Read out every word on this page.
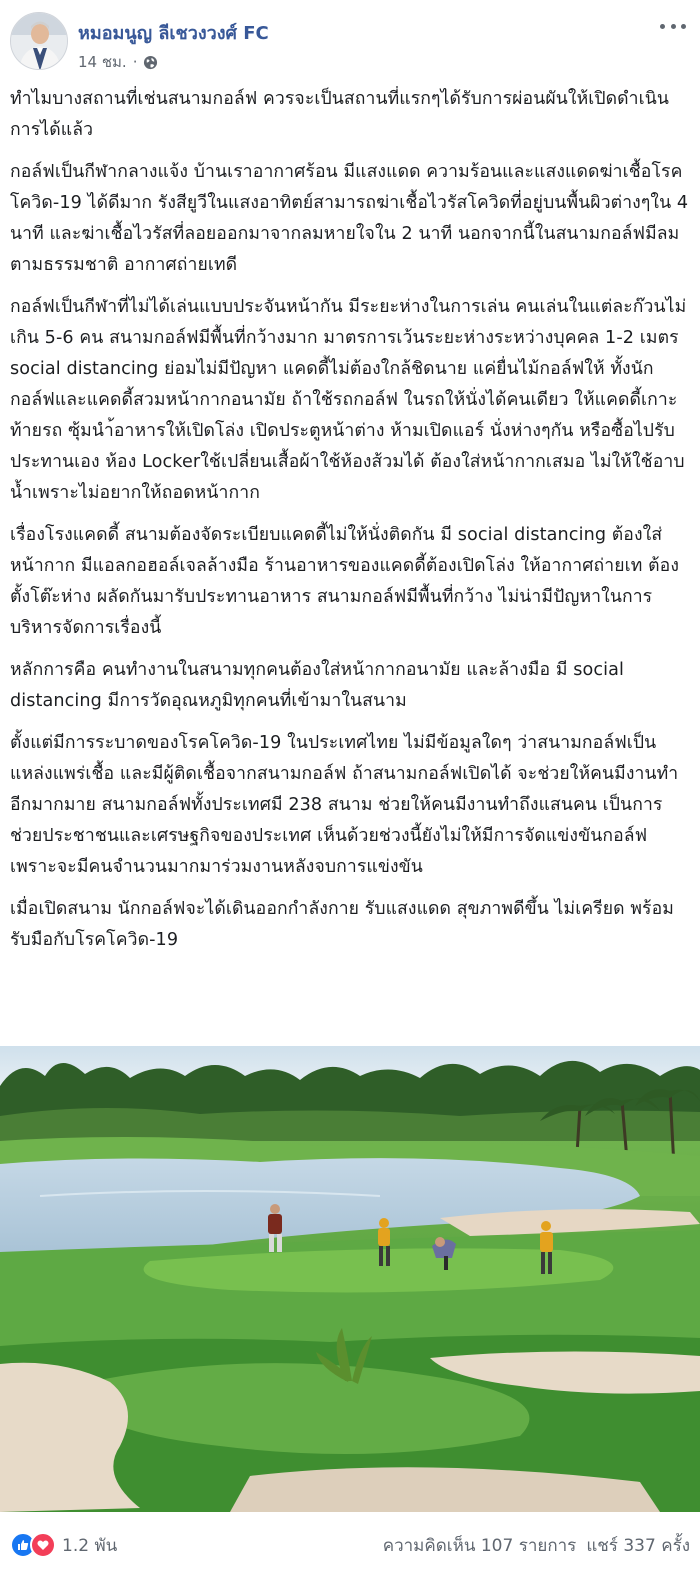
หมอมนูญ ลีเชวงวงศ์ FC
14 ชม. ·

ทำไมบางสถานที่เช่นสนามกอล์ฟ ควรจะเป็นสถานที่แรกๆได้รับการผ่อนผันให้เปิดดำเนินการได้แล้ว

กอล์ฟเป็นกีฬากลางแจ้ง บ้านเราอากาศร้อน มีแสงแดด ความร้อนและแสงแดดฆ่าเชื้อโรคโควิด-19 ได้ดีมาก รังสียูวีในแสงอาทิตย์สามารถฆ่าเชื้อไวรัสโควิดที่อยู่บนพื้นผิวต่างๆใน 4 นาที และฆ่าเชื้อไวรัสที่ลอยออกมาจากลมหายใจใน 2 นาที นอกจากนี้ในสนามกอล์ฟมีลมตามธรรมชาติ อากาศถ่ายเทดี

กอล์ฟเป็นกีฬาที่ไม่ได้เล่นแบบประจันหน้ากัน มีระยะห่างในการเล่น คนเล่นในแต่ละก๊วนไม่เกิน 5-6 คน สนามกอล์ฟมีพื้นที่กว้างมาก มาตรการเว้นระยะห่างระหว่างบุคคล 1-2 เมตร social distancing ย่อมไม่มีปัญหา แคดดี้ไม่ต้องใกล้ชิดนาย แค่ยื่นไม้กอล์ฟให้ ทั้งนักกอล์ฟและแคดดี้สวมหน้ากากอนามัย ถ้าใช้รถกอล์ฟ ในรถให้นั่งได้คนเดียว ให้แคดดี้เกาะท้ายรถ ซุ้มนำ้อาหารให้เปิดโล่ง เปิดประตูหน้าต่าง ห้ามเปิดแอร์ นั่งห่างๆกัน หรือซื้อไปรับประทานเอง ห้อง Lockerใช้เปลี่ยนเสื้อผ้าใช้ห้องส้วมได้ ต้องใส่หน้ากากเสมอ ไม่ให้ใช้อาบน้ำเพราะไม่อยากให้ถอดหน้ากาก

เรื่องโรงแคดดี้ สนามต้องจัดระเบียบแคดดี้ไม่ให้นั่งติดกัน มี social distancing ต้องใส่หน้ากาก มีแอลกอฮอล์เจลล้างมือ ร้านอาหารของแคดดี้ต้องเปิดโล่ง ให้อากาศถ่ายเท ต้องตั้งโต๊ะห่าง ผลัดกันมารับประทานอาหาร สนามกอล์ฟมีพื้นที่กว้าง ไม่น่ามีปัญหาในการบริหารจัดการเรื่องนี้

หลักการคือ คนทำงานในสนามทุกคนต้องใส่หน้ากากอนามัย และล้างมือ มี social distancing มีการวัดอุณหภูมิทุกคนที่เข้ามาในสนาม

ตั้งแต่มีการระบาดของโรคโควิด-19 ในประเทศไทย ไม่มีข้อมูลใดๆ ว่าสนามกอล์ฟเป็นแหล่งแพร่เชื้อ และมีผู้ติดเชื้อจากสนามกอล์ฟ ถ้าสนามกอล์ฟเปิดได้ จะช่วยให้คนมีงานทำอีกมากมาย สนามกอล์ฟทั้งประเทศมี 238 สนาม ช่วยให้คนมีงานทำถึงแสนคน เป็นการช่วยประชาชนและเศรษฐกิจของประเทศ เห็นด้วยช่วงนี้ยังไม่ให้มีการจัดแข่งขันกอล์ฟ เพราะจะมีคนจำนวนมากมาร่วมงานหลังจบการแข่งขัน

เมื่อเปิดสนาม นักกอล์ฟจะได้เดินออกกำลังกาย รับแสงแดด สุขภาพดีขึ้น ไม่เครียด พร้อมรับมือกับโรคโควิด-19

1.2 พัน	ความคิดเห็น 107 รายการ แชร์ 337 ครั้ง
